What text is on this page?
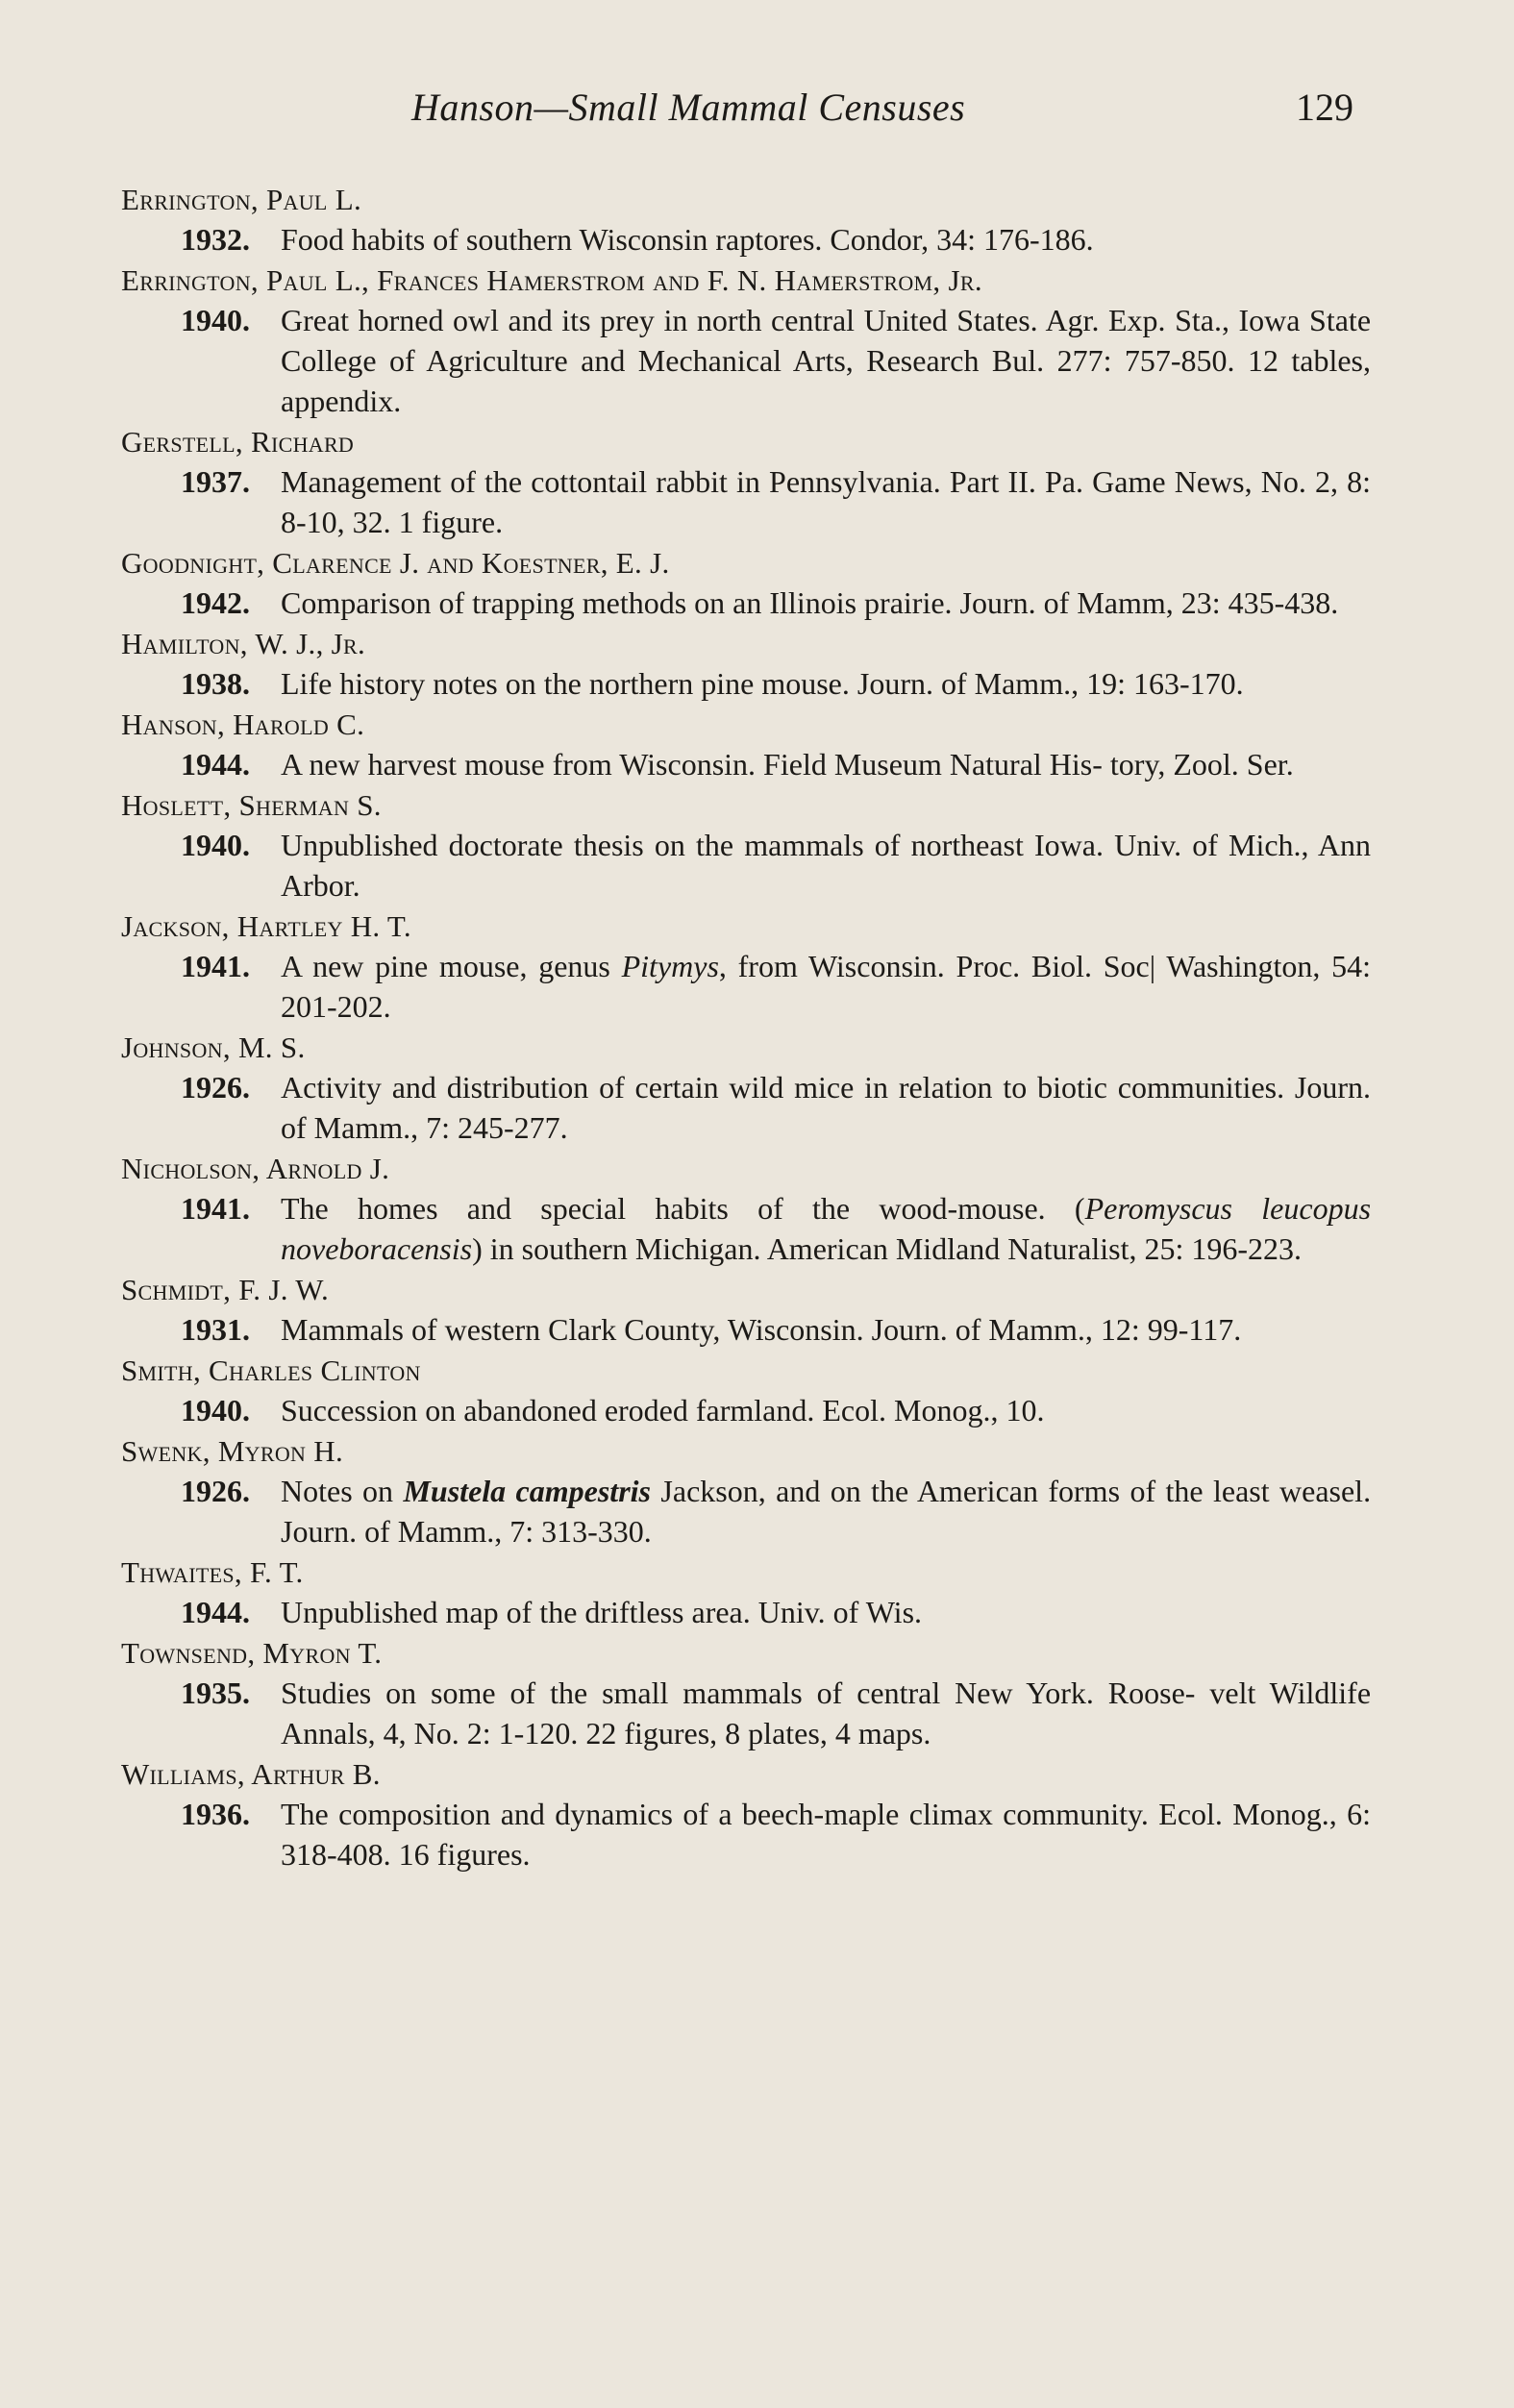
Hanson—Small Mammal Censuses	129
Errington, Paul L.
1932. Food habits of southern Wisconsin raptores. Condor, 34: 176-186.
Errington, Paul L., Frances Hamerstrom and F. N. Hamerstrom, Jr.
1940. Great horned owl and its prey in north central United States. Agr. Exp. Sta., Iowa State College of Agriculture and Mechanical Arts, Research Bul. 277: 757-850. 12 tables, appendix.
Gerstell, Richard
1937. Management of the cottontail rabbit in Pennsylvania. Part II. Pa. Game News, No. 2, 8: 8-10, 32. 1 figure.
Goodnight, Clarence J. and Koestner, E. J.
1942. Comparison of trapping methods on an Illinois prairie. Journ. of Mamm, 23: 435-438.
Hamilton, W. J., Jr.
1938. Life history notes on the northern pine mouse. Journ. of Mamm., 19: 163-170.
Hanson, Harold C.
1944. A new harvest mouse from Wisconsin. Field Museum Natural His- tory, Zool. Ser.
Hoslett, Sherman S.
1940. Unpublished doctorate thesis on the mammals of northeast Iowa. Univ. of Mich., Ann Arbor.
Jackson, Hartley H. T.
1941. A new pine mouse, genus Pitymys, from Wisconsin. Proc. Biol. Soc| Washington, 54: 201-202.
Johnson, M. S.
1926. Activity and distribution of certain wild mice in relation to biotic communities. Journ. of Mamm., 7: 245-277.
Nicholson, Arnold J.
1941. The homes and special habits of the wood-mouse. (Peromyscus leucopus noveboracensis) in southern Michigan. American Midland Naturalist, 25: 196-223.
Schmidt, F. J. W.
1931. Mammals of western Clark County, Wisconsin. Journ. of Mamm., 12: 99-117.
Smith, Charles Clinton
1940. Succession on abandoned eroded farmland. Ecol. Monog., 10.
Swenk, Myron H.
1926. Notes on Mustela campestris Jackson, and on the American forms of the least weasel. Journ. of Mamm., 7: 313-330.
Thwaites, F. T.
1944. Unpublished map of the driftless area. Univ. of Wis.
Townsend, Myron T.
1935. Studies on some of the small mammals of central New York. Roose- velt Wildlife Annals, 4, No. 2: 1-120. 22 figures, 8 plates, 4 maps.
Williams, Arthur B.
1936. The composition and dynamics of a beech-maple climax community. Ecol. Monog., 6: 318-408. 16 figures.
